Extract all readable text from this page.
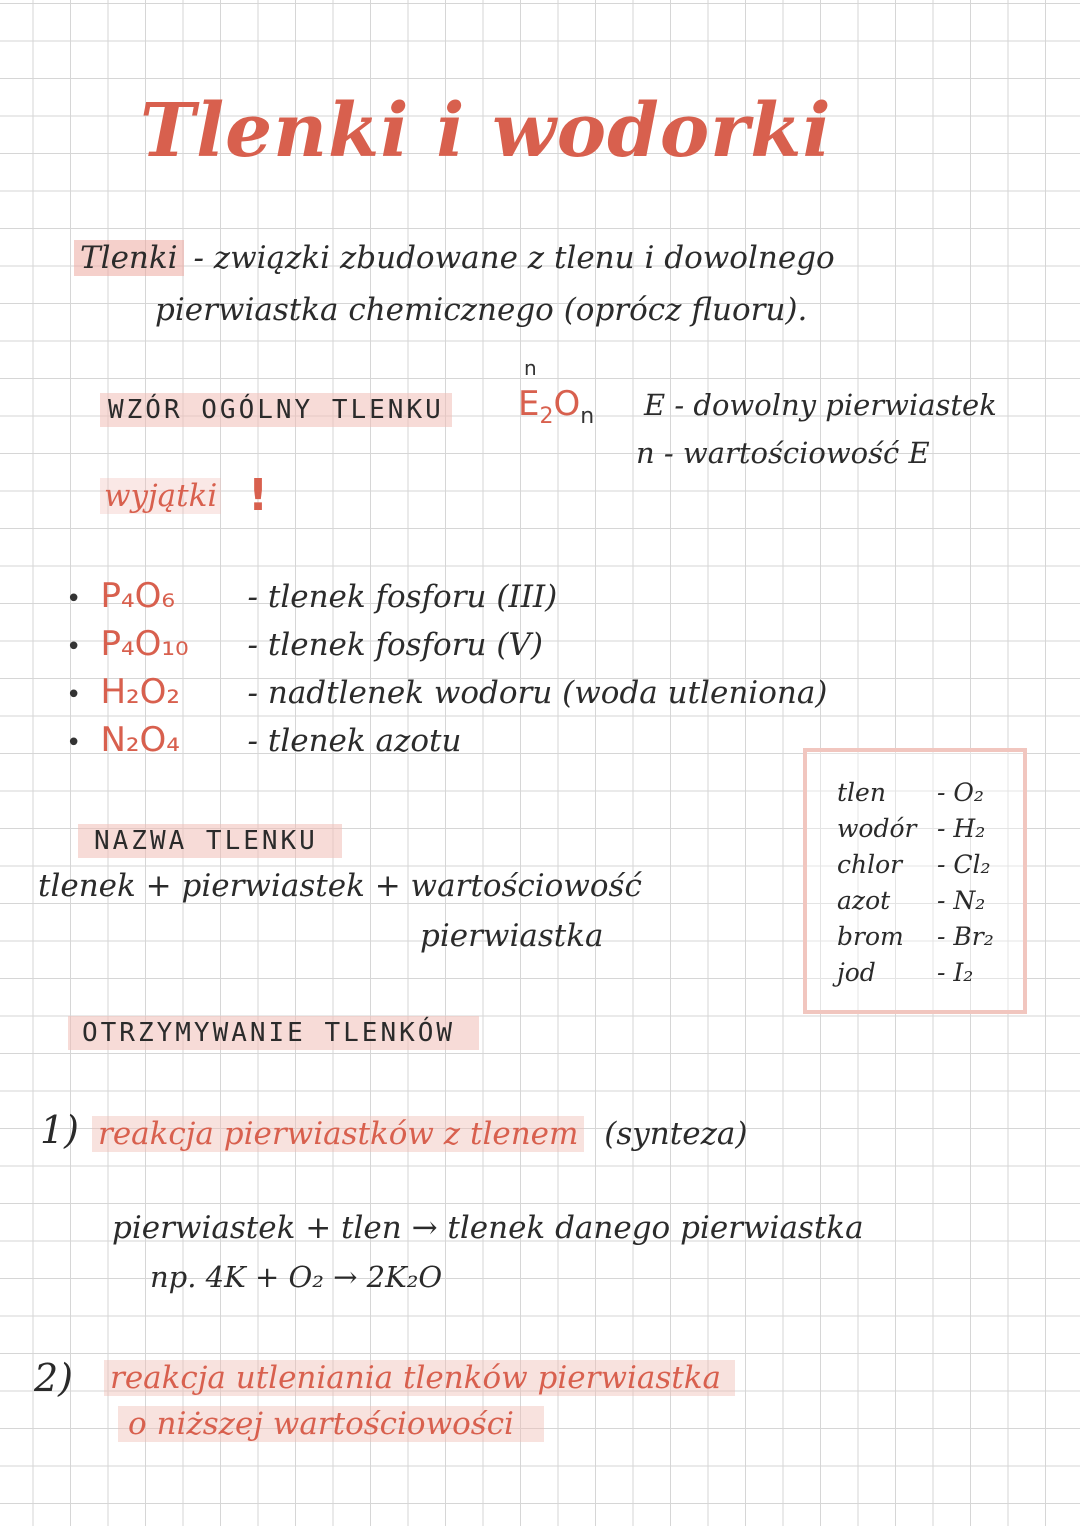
Tlenki i wodorki
Tlenki - związki zbudowane z tlenu i dowolnego
pierwiastka chemicznego (oprócz fluoru).
WZÓR OGÓLNY TLENKU
n
$E_2O_n$ E - dowolny pierwiastek
n - wartościowość E
wyjątki !
• P₄O₆ - tlenek fosforu (III)
• P₄O₁₀ - tlenek fosforu (V)
• H₂O₂ - nadtlenek wodoru (woda utleniona)
• N₂O₄ - tlenek azotu
tlen - O₂
wodór - H₂
chlor - Cl₂
azot - N₂
brom - Br₂
jod - I₂
NAZWA TLENKU
tlenek + pierwiastek + wartościowość
pierwiastka
OTRZYMYWANIE TLENKÓW
1) reakcja pierwiastków z tlenem (synteza)
pierwiastek + tlen → tlenek danego pierwiastka
np. 4K + O₂ → 2K₂O
2) reakcja utleniania tlenków pierwiastka
o niższej wartościowości
